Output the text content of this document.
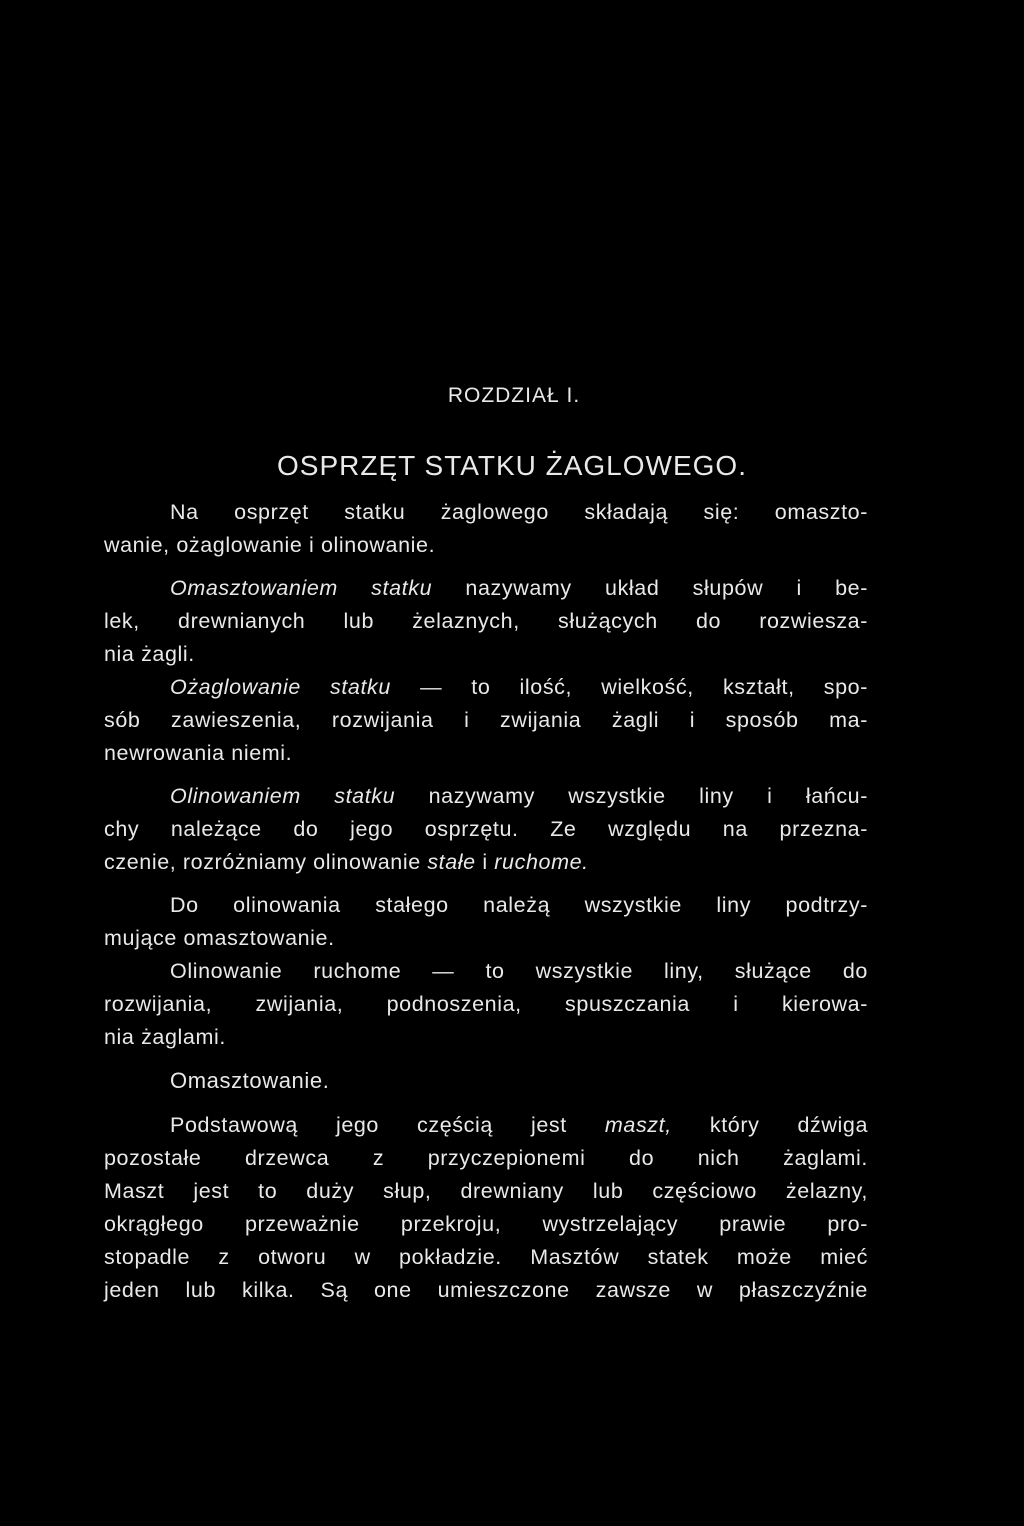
ROZDZIAŁ I.
OSPRZĘT STATKU ŻAGLOWEGO.
Na osprzęt statku żaglowego składają się: omaszto-
wanie, ożaglowanie i olinowanie.
Omasztowaniem statku nazywamy układ słupów i be-
lek, drewnianych lub żelaznych, służących do rozwiesza-
nia żagli.
Ożaglowanie statku — to ilość, wielkość, kształt, spo-
sób zawieszenia, rozwijania i zwijania żagli i sposób ma-
newrowania niemi.
Olinowaniem statku nazywamy wszystkie liny i łańcu-
chy należące do jego osprzętu. Ze względu na przezna-
czenie, rozróżniamy olinowanie stałe i ruchome.
Do olinowania stałego należą wszystkie liny podtrzy-
mujące omasztowanie.
Olinowanie ruchome — to wszystkie liny, służące do
rozwijania, zwijania, podnoszenia, spuszczania i kierowa-
nia żaglami.
Omasztowanie.
Podstawową jego częścią jest maszt, który dźwiga
pozostałe drzewca z przyczepionemi do nich żaglami.
Maszt jest to duży słup, drewniany lub częściowo żelazny,
okrągłego przeważnie przekroju, wystrzelający prawie pro-
stopadle z otworu w pokładzie. Masztów statek może mieć
jeden lub kilka. Są one umieszczone zawsze w płaszczyźnie
